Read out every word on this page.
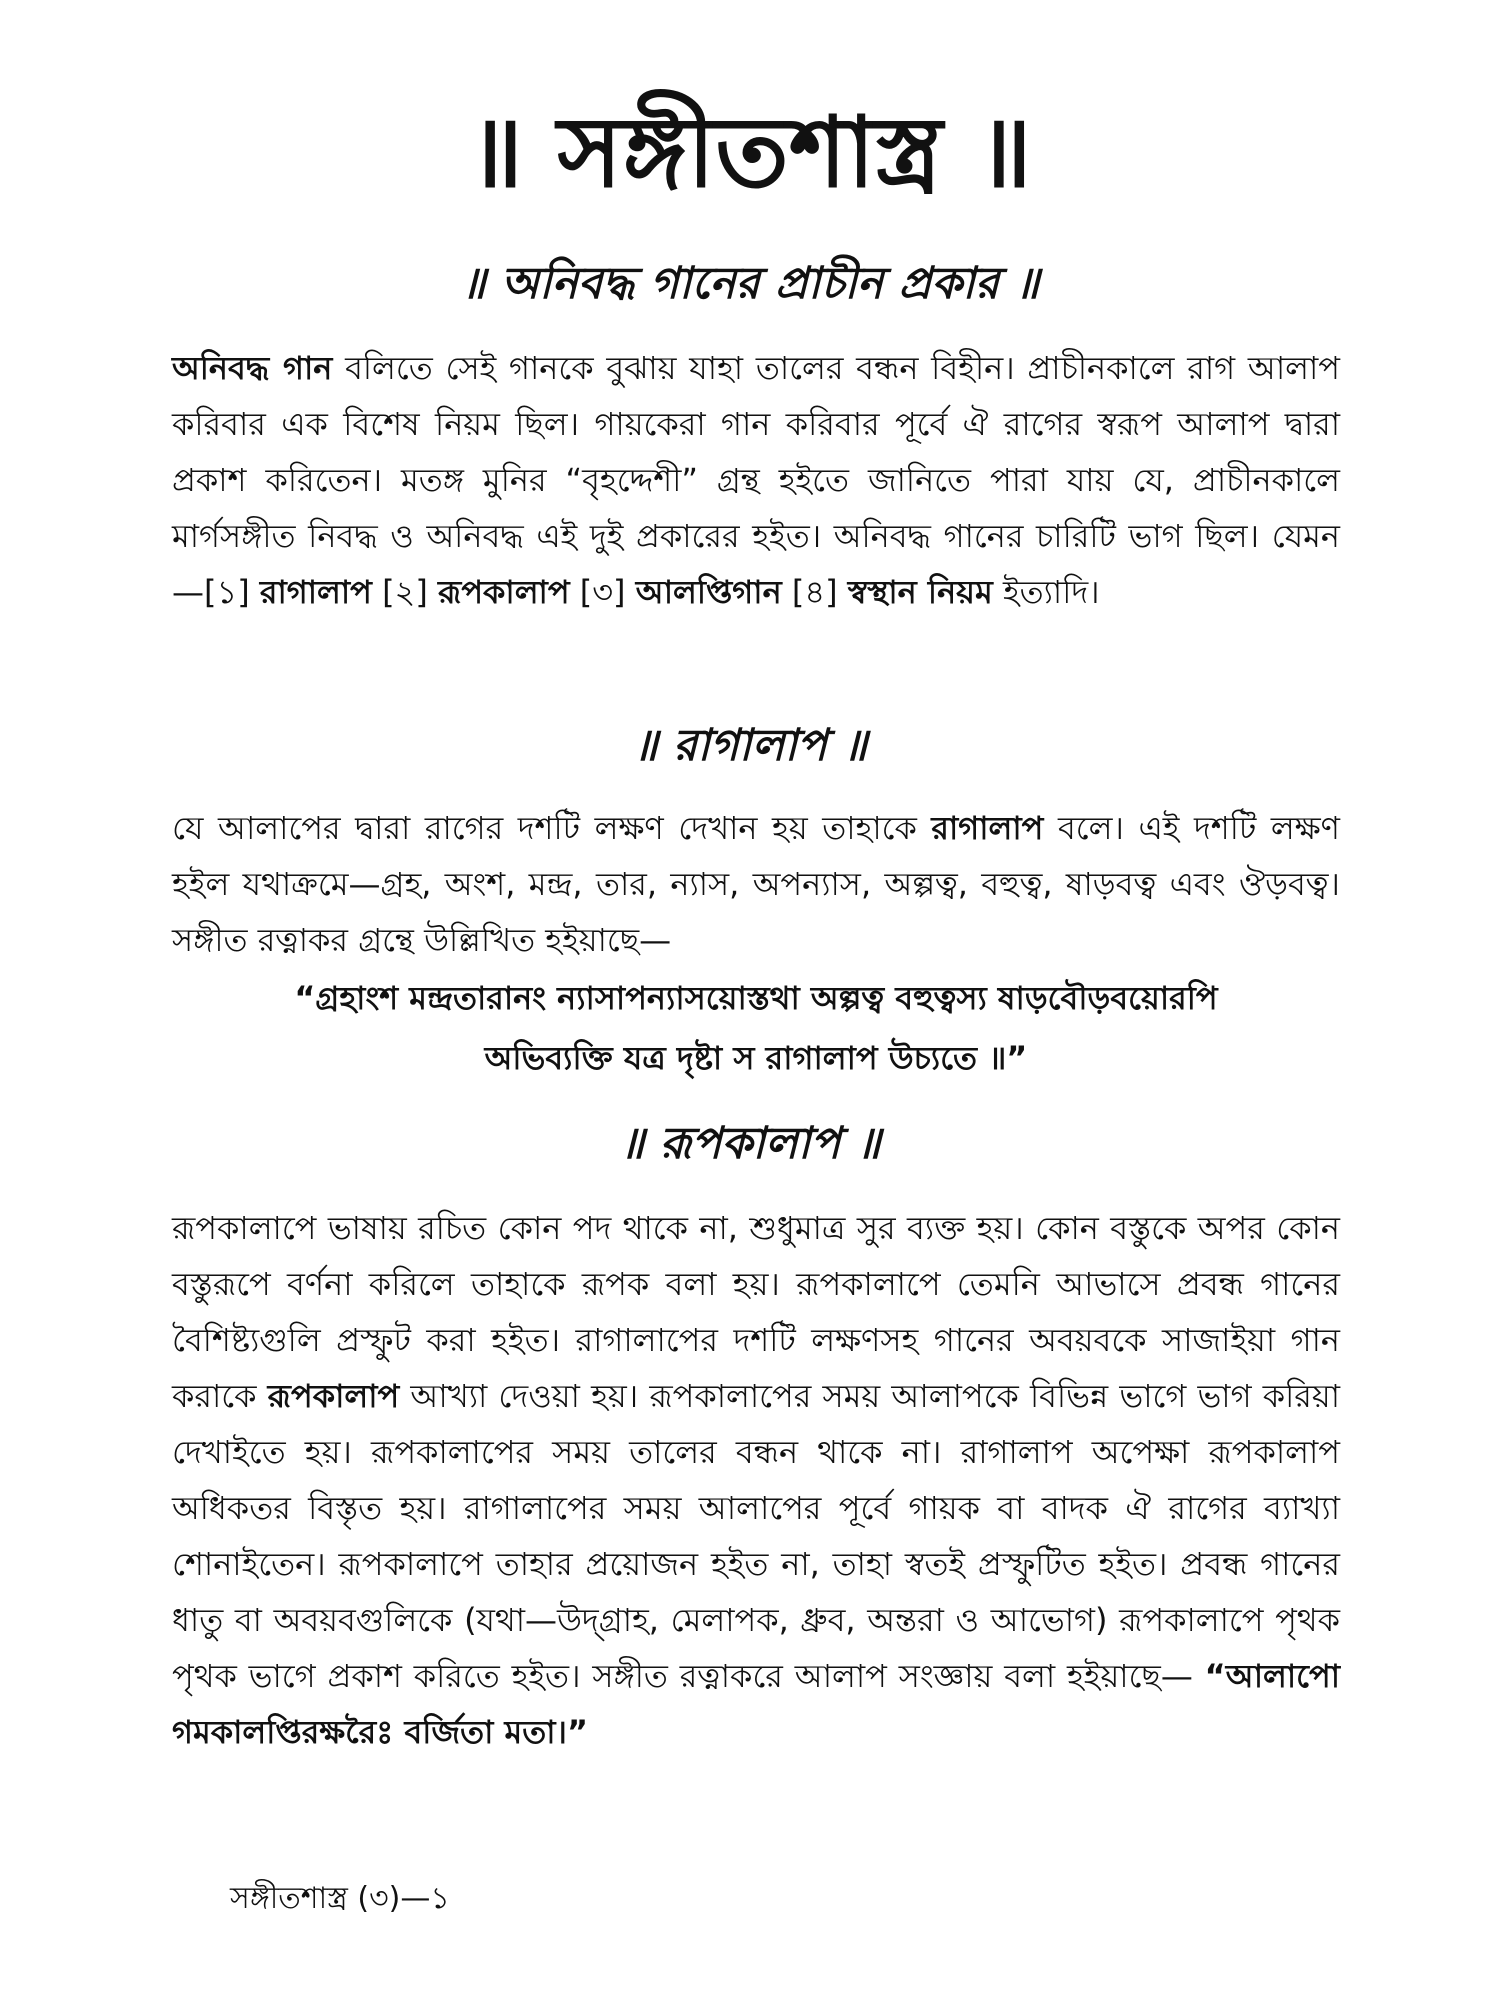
॥ সঙ্গীতশাস্ত্র ॥
॥ অনিবদ্ধ গানের প্রাচীন প্রকার ॥
অনিবদ্ধ গান বলিতে সেই গানকে বুঝায় যাহা তালের বন্ধন বিহীন। প্রাচীনকালে রাগ আলাপ করিবার এক বিশেষ নিয়ম ছিল। গায়কেরা গান করিবার পূর্বে ঐ রাগের স্বরূপ আলাপ দ্বারা প্রকাশ করিতেন। মতঙ্গ মুনির “বৃহদ্দেশী” গ্রন্থ হইতে জানিতে পারা যায় যে, প্রাচীনকালে মার্গসঙ্গীত নিবদ্ধ ও অনিবদ্ধ এই দুই প্রকারের হইত। অনিবদ্ধ গানের চারিটি ভাগ ছিল। যেমন—[১] রাগালাপ [২] রূপকালাপ [৩] আলপ্তিগান [৪] স্বস্থান নিয়ম ইত্যাদি।
॥ রাগালাপ ॥
যে আলাপের দ্বারা রাগের দশটি লক্ষণ দেখান হয় তাহাকে রাগালাপ বলে। এই দশটি লক্ষণ হইল যথাক্রমে—গ্রহ, অংশ, মন্দ্র, তার, ন্যাস, অপন্যাস, অল্পত্ব, বহুত্ব, ষাড়বত্ব এবং ঔড়বত্ব। সঙ্গীত রত্নাকর গ্রন্থে উল্লিখিত হইয়াছে—
“গ্রহাংশ মন্দ্রতারানং ন্যাসাপন্যাসয়োস্তথা অল্পত্ব বহুত্বস্য ষাড়বৌড়বয়োরপি
অভিব্যক্তি যত্র দৃষ্টা স রাগালাপ উচ্যতে ॥”
॥ রূপকালাপ ॥
রূপকালাপে ভাষায় রচিত কোন পদ থাকে না, শুধুমাত্র সুর ব্যক্ত হয়। কোন বস্তুকে অপর কোন বস্তুরূপে বর্ণনা করিলে তাহাকে রূপক বলা হয়। রূপকালাপে তেমনি আভাসে প্রবন্ধ গানের বৈশিষ্ট্যগুলি প্রস্ফুট করা হইত। রাগালাপের দশটি লক্ষণসহ গানের অবয়বকে সাজাইয়া গান করাকে রূপকালাপ আখ্যা দেওয়া হয়। রূপকালাপের সময় আলাপকে বিভিন্ন ভাগে ভাগ করিয়া দেখাইতে হয়। রূপকালাপের সময় তালের বন্ধন থাকে না। রাগালাপ অপেক্ষা রূপকালাপ অধিকতর বিস্তৃত হয়। রাগালাপের সময় আলাপের পূর্বে গায়ক বা বাদক ঐ রাগের ব্যাখ্যা শোনাইতেন। রূপকালাপে তাহার প্রয়োজন হইত না, তাহা স্বতই প্রস্ফুটিত হইত। প্রবন্ধ গানের ধাতু বা অবয়বগুলিকে (যথা—উদ্গ্রাহ, মেলাপক, ধ্রুব, অন্তরা ও আভোগ) রূপকালাপে পৃথক পৃথক ভাগে প্রকাশ করিতে হইত। সঙ্গীত রত্নাকরে আলাপ সংজ্ঞায় বলা হইয়াছে— “আলাপো গমকালপ্তিরক্ষরৈঃ বর্জিতা মতা।”
সঙ্গীতশাস্ত্র (৩)—১
